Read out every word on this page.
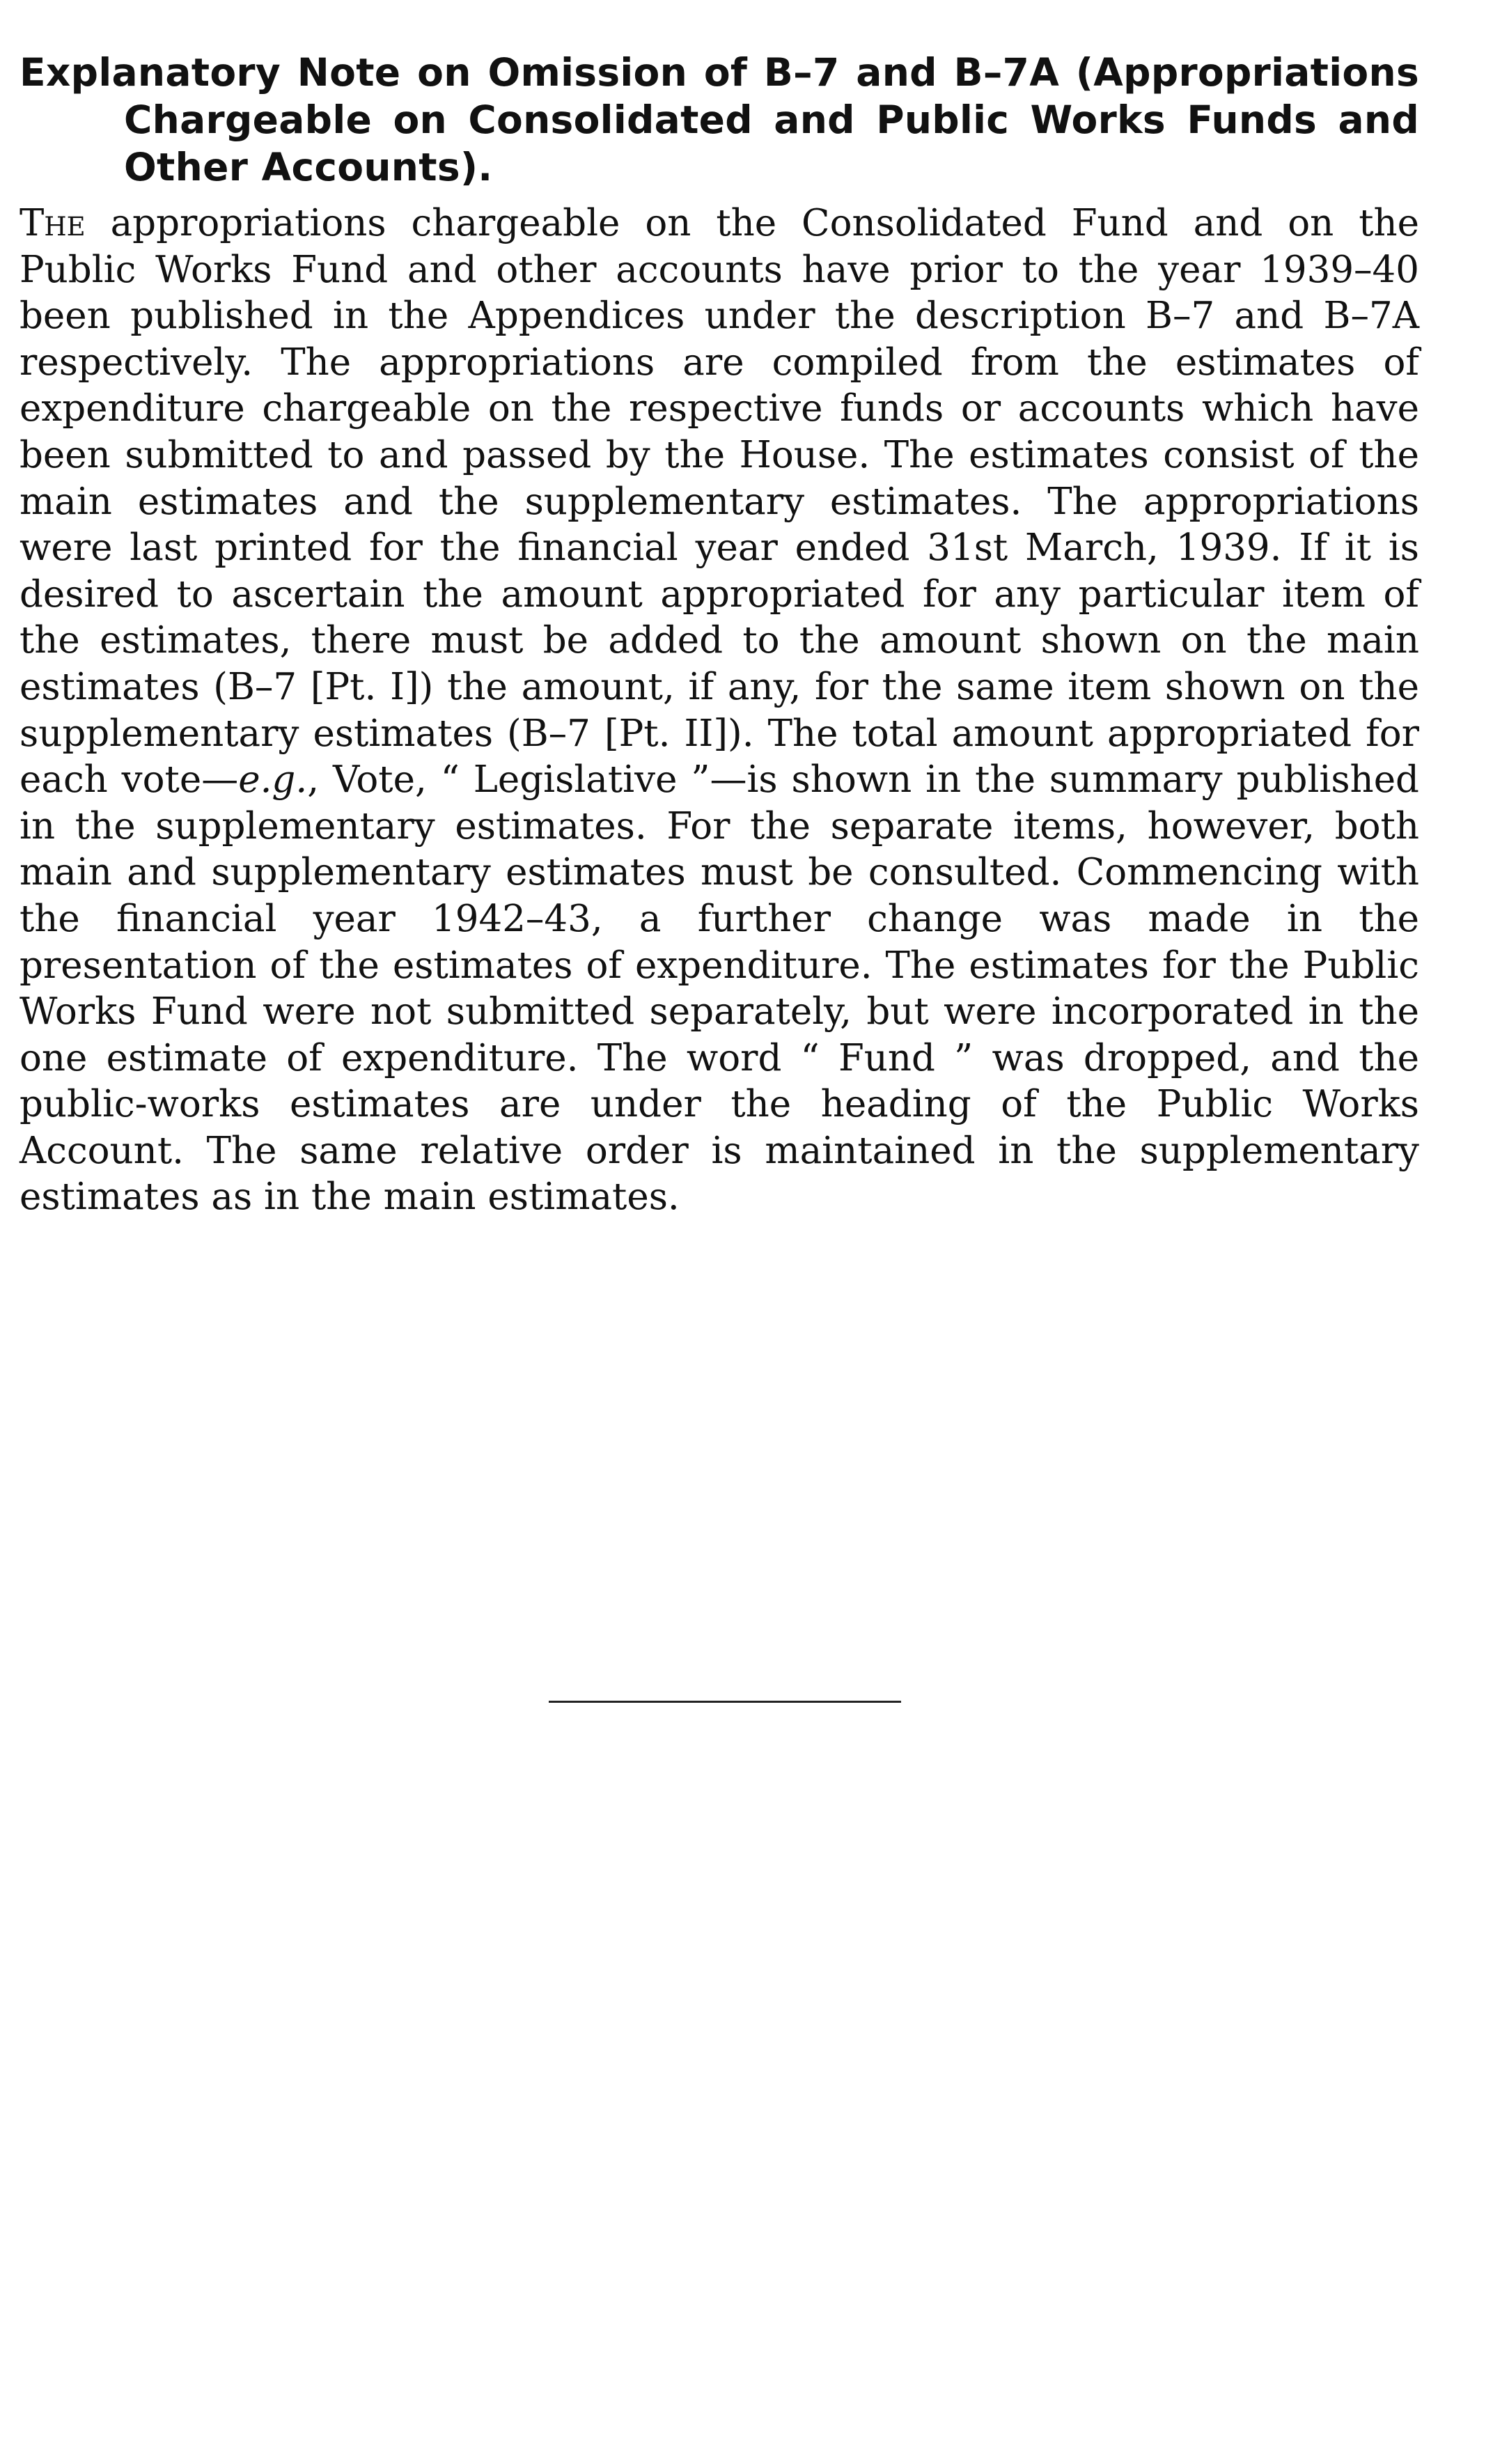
Explanatory Note on Omission of B–7 and B–7A (Appropriations Chargeable on Consolidated and Public Works Funds and Other Accounts).

The appropriations chargeable on the Consolidated Fund and on the Public Works Fund and other accounts have prior to the year 1939–40 been published in the Appendices under the description B–7 and B–7A respectively. The appropriations are compiled from the estimates of expenditure chargeable on the respective funds or accounts which have been submitted to and passed by the House. The estimates consist of the main estimates and the supplementary estimates. The appropriations were last printed for the financial year ended 31st March, 1939. If it is desired to ascertain the amount appropriated for any particular item of the estimates, there must be added to the amount shown on the main estimates (B–7 [Pt. I]) the amount, if any, for the same item shown on the supplementary estimates (B–7 [Pt. II]). The total amount appropriated for each vote—e.g., Vote, “ Legislative ”—is shown in the summary published in the supplementary estimates. For the separate items, however, both main and supplementary estimates must be consulted. Commencing with the financial year 1942–43, a further change was made in the presentation of the estimates of expenditure. The estimates for the Public Works Fund were not submitted separately, but were incorporated in the one estimate of expenditure. The word “ Fund ” was dropped, and the public-works estimates are under the heading of the Public Works Account. The same relative order is maintained in the supplementary estimates as in the main estimates.
